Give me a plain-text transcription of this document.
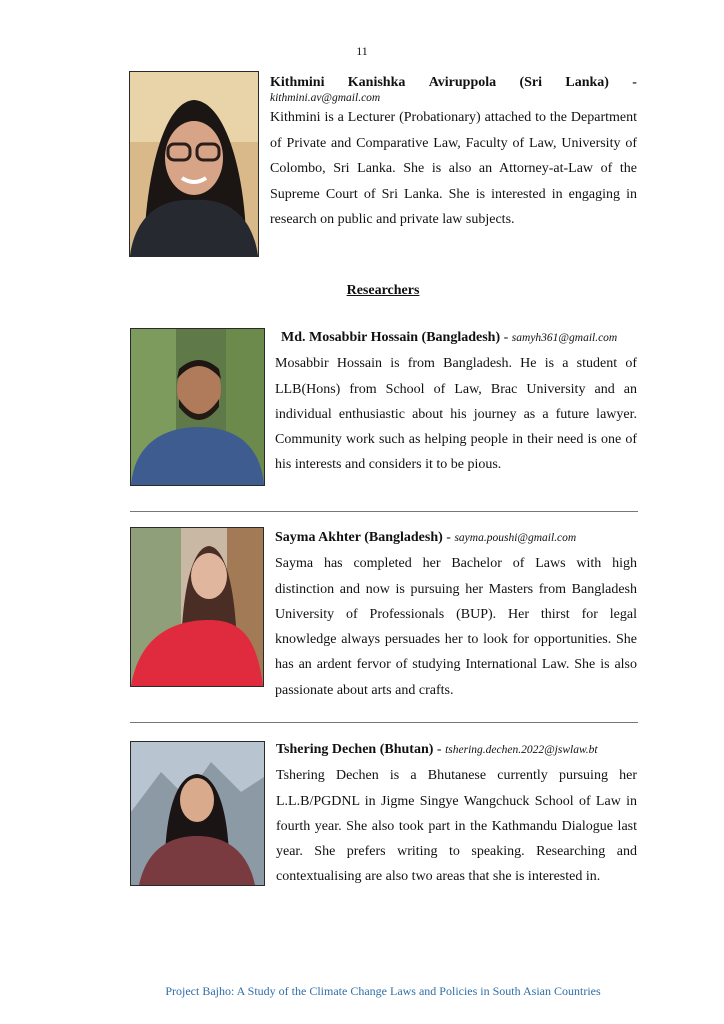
11
Kithmini Kanishka Aviruppola (Sri Lanka) -
kithmini.av@gmail.com
Kithmini is a Lecturer (Probationary) attached to the Department of Private and Comparative Law, Faculty of Law, University of Colombo, Sri Lanka. She is also an Attorney-at-Law of the Supreme Court of Sri Lanka. She is interested in engaging in research on public and private law subjects.
Researchers
Md. Mosabbir Hossain (Bangladesh) - samyh361@gmail.com
Mosabbir Hossain is from Bangladesh. He is a student of LLB(Hons) from School of Law, Brac University and an individual enthusiastic about his journey as a future lawyer. Community work such as helping people in their need is one of his interests and considers it to be pious.
Sayma Akhter (Bangladesh) - sayma.poushi@gmail.com
Sayma has completed her Bachelor of Laws with high distinction and now is pursuing her Masters from Bangladesh University of Professionals (BUP). Her thirst for legal knowledge always persuades her to look for opportunities. She has an ardent fervor of studying International Law. She is also passionate about arts and crafts.
Tshering Dechen (Bhutan) - tshering.dechen.2022@jswlaw.bt
Tshering Dechen is a Bhutanese currently pursuing her L.L.B/PGDNL in Jigme Singye Wangchuck School of Law in fourth year. She also took part in the Kathmandu Dialogue last year. She prefers writing to speaking. Researching and contextualising are also two areas that she is interested in.
Project Bajho: A Study of the Climate Change Laws and Policies in South Asian Countries
